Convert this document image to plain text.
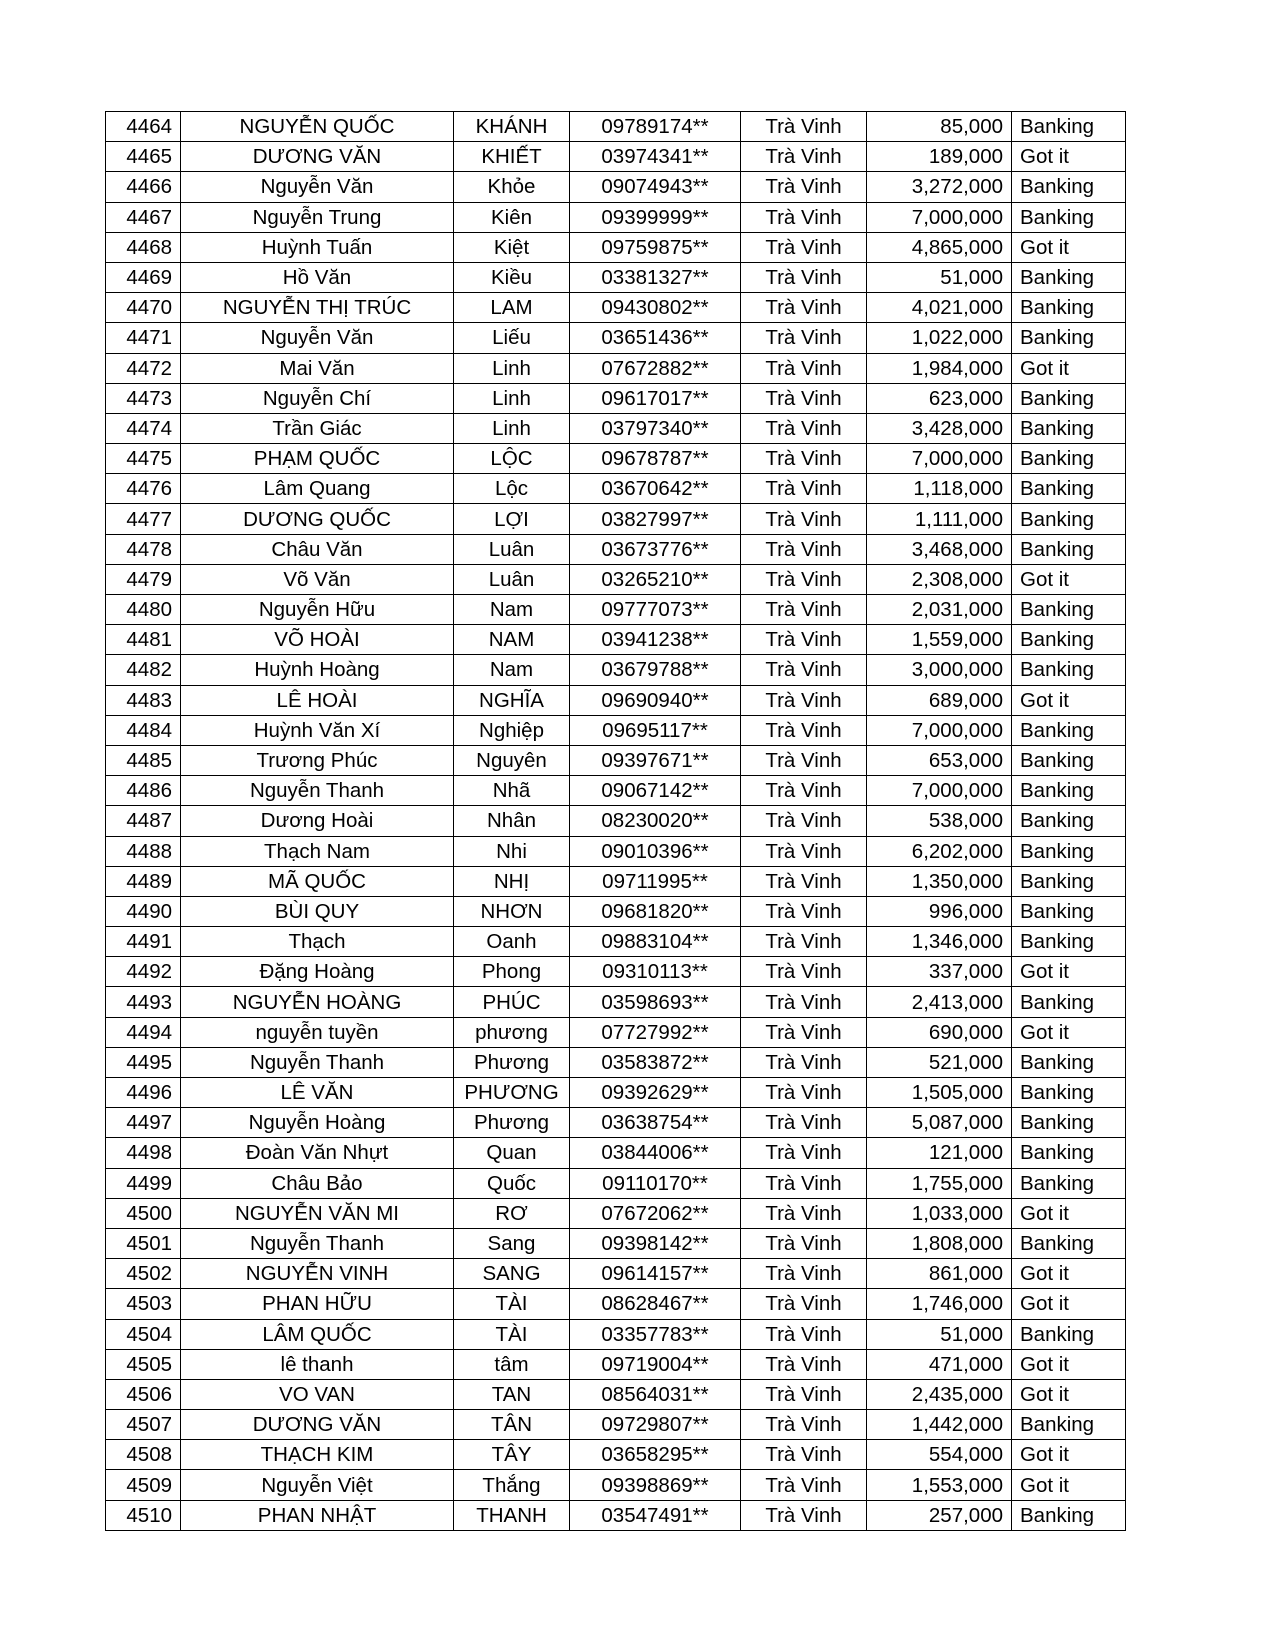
4464	NGUYỄN QUỐC	KHÁNH	09789174**	Trà Vinh	85,000	Banking
4465	DƯƠNG VĂN	KHIẾT	03974341**	Trà Vinh	189,000	Got it
4466	Nguyễn Văn	Khỏe	09074943**	Trà Vinh	3,272,000	Banking
4467	Nguyễn Trung	Kiên	09399999**	Trà Vinh	7,000,000	Banking
4468	Huỳnh Tuấn	Kiệt	09759875**	Trà Vinh	4,865,000	Got it
4469	Hồ Văn	Kiều	03381327**	Trà Vinh	51,000	Banking
4470	NGUYỄN THỊ TRÚC	LAM	09430802**	Trà Vinh	4,021,000	Banking
4471	Nguyễn Văn	Liếu	03651436**	Trà Vinh	1,022,000	Banking
4472	Mai Văn	Linh	07672882**	Trà Vinh	1,984,000	Got it
4473	Nguyễn Chí	Linh	09617017**	Trà Vinh	623,000	Banking
4474	Trần Giác	Linh	03797340**	Trà Vinh	3,428,000	Banking
4475	PHẠM QUỐC	LỘC	09678787**	Trà Vinh	7,000,000	Banking
4476	Lâm Quang	Lộc	03670642**	Trà Vinh	1,118,000	Banking
4477	DƯƠNG QUỐC	LỢI	03827997**	Trà Vinh	1,111,000	Banking
4478	Châu Văn	Luân	03673776**	Trà Vinh	3,468,000	Banking
4479	Võ Văn	Luân	03265210**	Trà Vinh	2,308,000	Got it
4480	Nguyễn Hữu	Nam	09777073**	Trà Vinh	2,031,000	Banking
4481	VÕ HOÀI	NAM	03941238**	Trà Vinh	1,559,000	Banking
4482	Huỳnh Hoàng	Nam	03679788**	Trà Vinh	3,000,000	Banking
4483	LÊ HOÀI	NGHĨA	09690940**	Trà Vinh	689,000	Got it
4484	Huỳnh Văn Xí	Nghiệp	09695117**	Trà Vinh	7,000,000	Banking
4485	Trương Phúc	Nguyên	09397671**	Trà Vinh	653,000	Banking
4486	Nguyễn Thanh	Nhã	09067142**	Trà Vinh	7,000,000	Banking
4487	Dương Hoài	Nhân	08230020**	Trà Vinh	538,000	Banking
4488	Thạch Nam	Nhi	09010396**	Trà Vinh	6,202,000	Banking
4489	MÃ QUỐC	NHỊ	09711995**	Trà Vinh	1,350,000	Banking
4490	BÙI QUY	NHƠN	09681820**	Trà Vinh	996,000	Banking
4491	Thạch	Oanh	09883104**	Trà Vinh	1,346,000	Banking
4492	Đặng Hoàng	Phong	09310113**	Trà Vinh	337,000	Got it
4493	NGUYỄN HOÀNG	PHÚC	03598693**	Trà Vinh	2,413,000	Banking
4494	nguyễn tuyền	phương	07727992**	Trà Vinh	690,000	Got it
4495	Nguyễn Thanh	Phương	03583872**	Trà Vinh	521,000	Banking
4496	LÊ VĂN	PHƯƠNG	09392629**	Trà Vinh	1,505,000	Banking
4497	Nguyễn Hoàng	Phương	03638754**	Trà Vinh	5,087,000	Banking
4498	Đoàn Văn Nhựt	Quan	03844006**	Trà Vinh	121,000	Banking
4499	Châu Bảo	Quốc	09110170**	Trà Vinh	1,755,000	Banking
4500	NGUYỄN VĂN MI	RƠ	07672062**	Trà Vinh	1,033,000	Got it
4501	Nguyễn Thanh	Sang	09398142**	Trà Vinh	1,808,000	Banking
4502	NGUYỄN VINH	SANG	09614157**	Trà Vinh	861,000	Got it
4503	PHAN HỮU	TÀI	08628467**	Trà Vinh	1,746,000	Got it
4504	LÂM QUỐC	TÀI	03357783**	Trà Vinh	51,000	Banking
4505	lê thanh	tâm	09719004**	Trà Vinh	471,000	Got it
4506	VO VAN	TAN	08564031**	Trà Vinh	2,435,000	Got it
4507	DƯƠNG VĂN	TÂN	09729807**	Trà Vinh	1,442,000	Banking
4508	THẠCH KIM	TÂY	03658295**	Trà Vinh	554,000	Got it
4509	Nguyễn Việt	Thắng	09398869**	Trà Vinh	1,553,000	Got it
4510	PHAN NHẬT	THANH	03547491**	Trà Vinh	257,000	Banking
